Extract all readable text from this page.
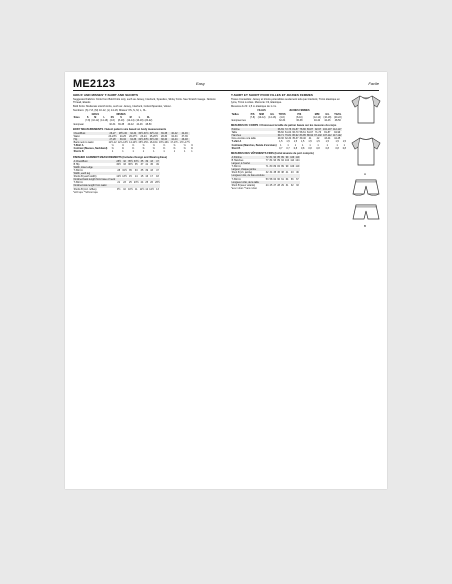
ME2123	Easy	Facile
GIRLS' AND MISSES' T-SHIRT AND SHORTS
Suggested Fabrics: Knits from Bold Knits only, such as Jersey, Interlock, Spandex, Slinky Knits. See Stretch Gauge. Notions: Thread, Elastic.
Bold Knits: Moderate stretch knits, such as: Jersey, Interlock, Cotton/Spandex, Velour.
Numbers: (S) 7-8, (M) 10-12, (L) 14-16; Misses' XS, S, M, L, XL.
		GIRLS			MISSES			
Sizes	S	M	L	XS	S	M	L	XL
	(7-8)	(10-12)	(14-16)	(4-6)	(8-10)	(12-14)	(16-18)	(20-22)
European				32-34	36-38	40-42	44-46	48-50
BODY MEASUREMENTS / Select pattern size based on body measurements
Chest/Bust	26-27	28½-30	32-34	30½-31½	32½-34	36-38	40-42	44-46	
Waist	23-23½	24-25	26-27½	23-24	25-26½	28-30	32-34	37-39	
Hip	27-28	30-32	34-36	32½-33½	34½-36	38-40	42-44	46-48	
Back neck to waist	11½-12	12¾-13½	14-14½	15½-15¾	16-16¼	16½-16¾	17-17¼	17¼-17½	
T-Shirt A	⅝	⅝	⅝	⅝	⅝	⅝	⅝	⅝	⅝
Contrast (Sleeves, Neckband)	⅜	⅜	⅜	⅜	⅜	⅜	⅜	⅜	⅜
Shorts B	1	1	1	1	1	1	1	1	1
FINISHED GARMENT MEASUREMENTS (Includes Design and Wearing Ease)
A Chest/Bust	28½	32	35½	33½	35	39	43	47
B Hip	30½	33	36½	35	37	41	45	49
Width, lower edge								
T-Shirt A	28	31½	35	33	35	39	43	47
Width, each leg								
Shorts B (each width)	12½	13½	15	14	15	16	17	18
Finished back length from base of neck								
T-Shirt A	21	23	25	23½	24	25	26	26½
Finished side length from waist								
Shorts B (incl. ruffles)	9½	10	10½	11	11½	12	12½	13
*with tape **without tape
T-SHIRT ET SHORT POUR FILLES ET JEUNES FEMMES
Tissus Conseillés: Jersey et tricots extensibles seulement tels que Interlock, Tricot élastique en lycra, Tricot à côtes. Mercerie: Fil, Élastique.
Mesures du fil: 1,5 m élastique de 1 cm.
		FILLES			JEUNES FEMMES			
Tailles	P/S	M/M	G/L	TP/XS	P/S	M/M	G/L	TG/XL
	(7-8)	(10-12)	(14-16)	(4-6)	(8-10)	(12-14)	(16-18)	(20-22)
Européennes				32-34	36-38	40-42	44-46	48-50
MESURES DU CORPS / Choisissez la taille du patron basée sur les mesures du corps
Poitrine	66-69	72-76	81-87	78-80	83-87	92-97	102-107	112-117	
Taille	58-60	61-64	66-70	58-61	64-67	71-76	81-87	94-99	
Hanches	69-71	76-81	86-92	83-85	88-92	97-102	107-112	117-122	
Dos encolure à la taille	29-30	32-34	35-37	39-40	41	42	43-44	44-45	
T-shirt A	1,5	1,5	1,5	1,5	1,5	1,5	1,5	1,5	1,5
Contraste (Manches, Bande d'encolure)	1	1	1	1	1	1	1	1	1
Short B	0,7	0,7	0,8	0,8	0,8	0,8	0,8	0,8	0,8
MESURES DES VÊTEMENTS FINIS (Inclut aisance de port compris)
A Poitrine	72	81	90	85	89	99	109	119
B Hanches	77	84	93	89	94	104	114	124
Largeur, à l'ourlet								
T-Shirt A	71	80	89	84	89	99	109	119
Largeur, chaque jambe								
Short B (ch. jambe)	32	34	38	36	38	41	43	46
Longueur dos, du bas encolure								
T-Shirt A	53	58	64	60	61	64	66	67
Longueur côté, de la taille								
Short B (avec volants)	24	25	27	28	29	31	32	33
*avec ruban **sans ruban
A
B
